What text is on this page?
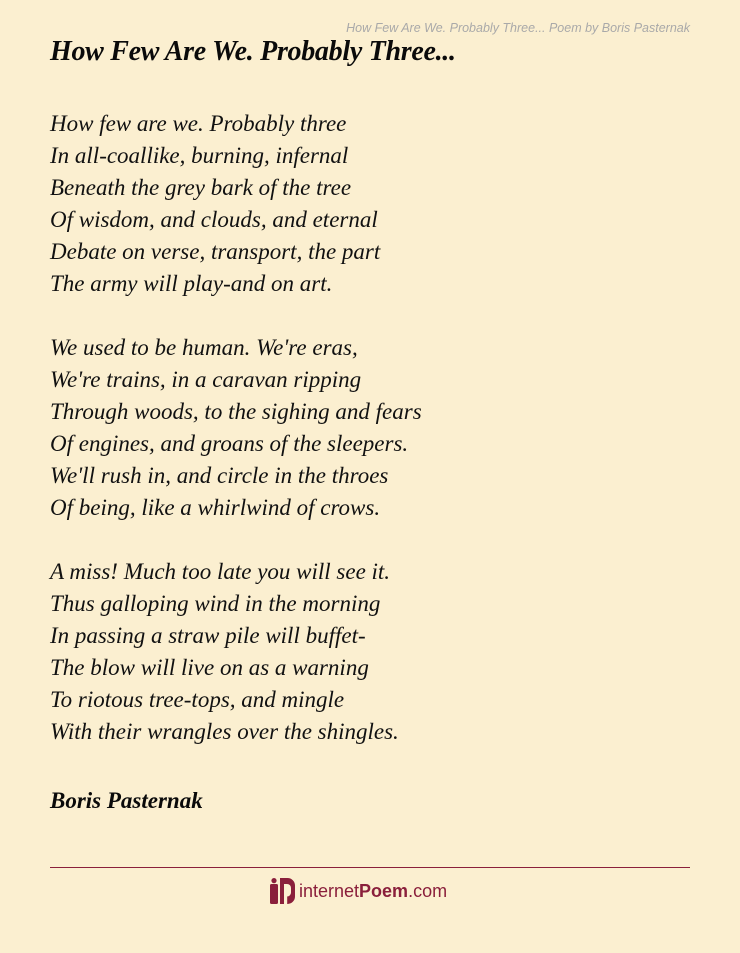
How Few Are We. Probably Three... Poem by Boris Pasternak
How Few Are We. Probably Three...
How few are we. Probably three
In all-coallike, burning, infernal
Beneath the grey bark of the tree
Of wisdom, and clouds, and eternal
Debate on verse, transport, the part
The army will play-and on art.
We used to be human. We're eras,
We're trains, in a caravan ripping
Through woods, to the sighing and fears
Of engines, and groans of the sleepers.
We'll rush in, and circle in the throes
Of being, like a whirlwind of crows.
A miss! Much too late you will see it.
Thus galloping wind in the morning
In passing a straw pile will buffet-
The blow will live on as a warning
To riotous tree-tops, and mingle
With their wrangles over the shingles.
Boris Pasternak
internet Poem .com
